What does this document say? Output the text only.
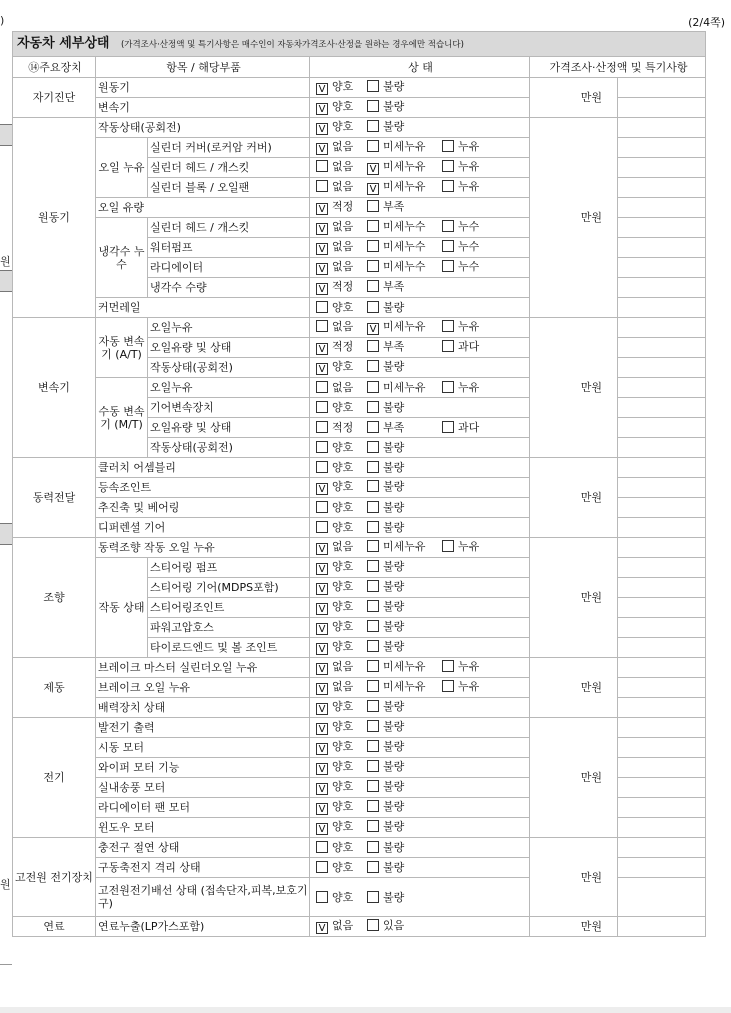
(2/4쪽)
)
원
원
자동차 세부상태 (가격조사·산정액 및 특기사항은 매수인이 자동차가격조사·산정을 원하는 경우에만 적습니다)					
⑭주요장치	항목 / 해당부품		상 태	가격조사·산정액 및 특기사항	
자기진단	원동기		V 양호 불량	만원	
	변속기		V 양호 불량		
원동기	작동상태(공회전)		V 양호 불량	만원	
	오일 누유	실린더 커버(로커암 커버)	V 없음 미세누유 누유		
		실린더 헤드 / 개스킷	없음 V 미세누유 누유		
		실린더 블록 / 오일팬	없음 V 미세누유 누유		
	오일 유량		V 적정 부족		
	냉각수 누수	실린더 헤드 / 개스킷	V 없음 미세누수 누수		
		워터펌프	V 없음 미세누수 누수		
		라디에이터	V 없음 미세누수 누수		
		냉각수 수량	V 적정 부족		
	커먼레일		양호 불량		
변속기	자동 변속기 (A/T)	오일누유	없음 V 미세누유 누유	만원	
		오일유량 및 상태	V 적정 부족 과다		
		작동상태(공회전)	V 양호 불량		
	수동 변속기 (M/T)	오일누유	없음 미세누유 누유		
		기어변속장치	양호 불량		
		오일유량 및 상태	적정 부족 과다		
		작동상태(공회전)	양호 불량		
동력전달	클러치 어셈블리		양호 불량	만원	
	등속조인트		V 양호 불량		
	추진축 및 베어링		양호 불량		
	디퍼렌셜 기어		양호 불량		
조향	동력조향 작동 오일 누유		V 없음 미세누유 누유	만원	
	작동 상태	스티어링 펌프	V 양호 불량		
		스티어링 기어(MDPS포함)	V 양호 불량		
		스티어링조인트	V 양호 불량		
		파워고압호스	V 양호 불량		
		타이로드엔드 및 볼 조인트	V 양호 불량		
제동	브레이크 마스터 실린더오일 누유		V 없음 미세누유 누유	만원	
	브레이크 오일 누유		V 없음 미세누유 누유		
	배력장치 상태		V 양호 불량		
전기	발전기 출력		V 양호 불량	만원	
	시동 모터		V 양호 불량		
	와이퍼 모터 기능		V 양호 불량		
	실내송풍 모터		V 양호 불량		
	라디에이터 팬 모터		V 양호 불량		
	윈도우 모터		V 양호 불량		
고전원 전기장치	충전구 절연 상태		양호 불량	만원	
	구동축전지 격리 상태		양호 불량		
	고전원전기배선 상태 (접속단자,피복,보호기구)		양호 불량		
연료	연료누출(LP가스포함)		V 없음 있음	만원	
